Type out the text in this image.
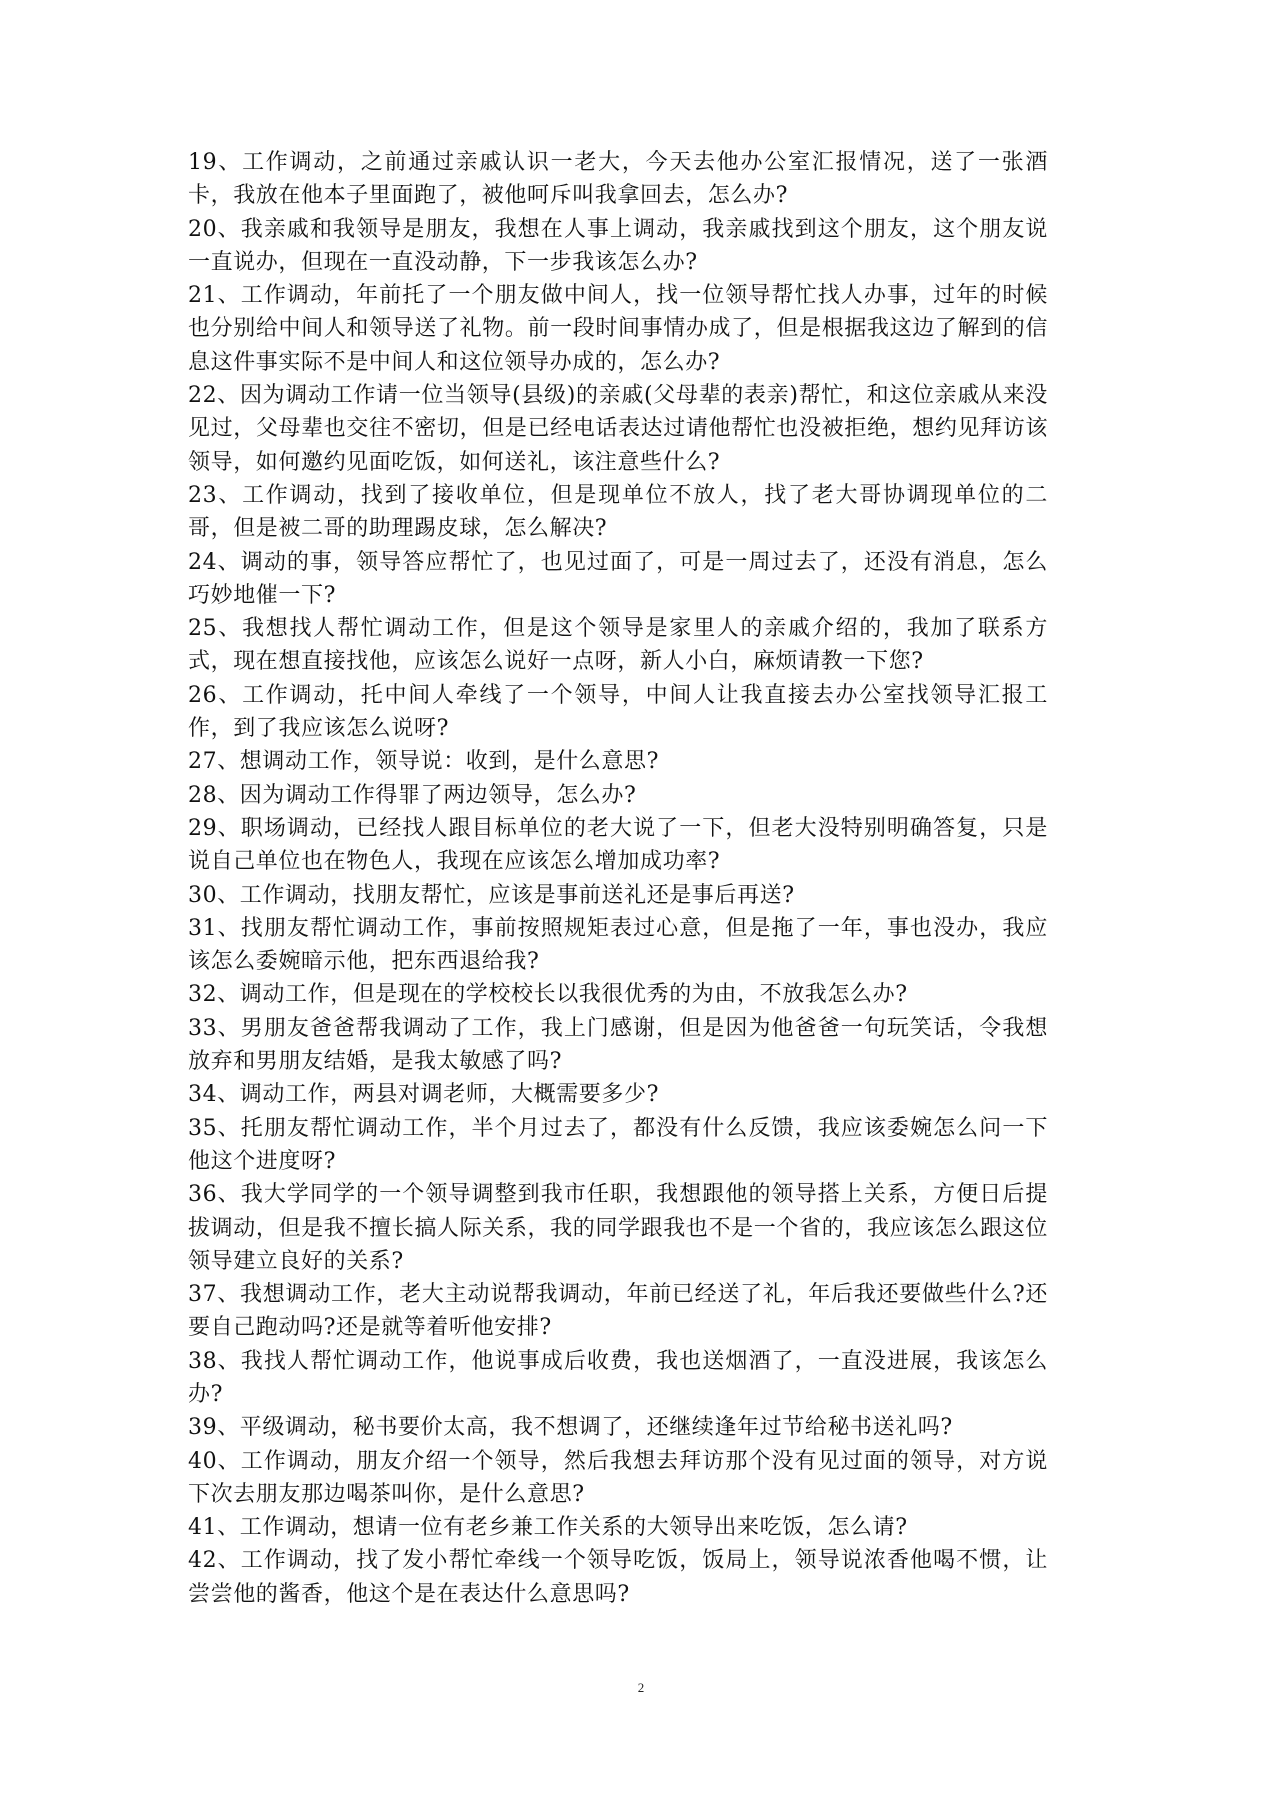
19、工作调动，之前通过亲戚认识一老大，今天去他办公室汇报情况，送了一张酒卡，我放在他本子里面跑了，被他呵斥叫我拿回去，怎么办?

20、我亲戚和我领导是朋友，我想在人事上调动，我亲戚找到这个朋友，这个朋友说一直说办，但现在一直没动静，下一步我该怎么办?

21、工作调动，年前托了一个朋友做中间人，找一位领导帮忙找人办事，过年的时候也分别给中间人和领导送了礼物。前一段时间事情办成了，但是根据我这边了解到的信息这件事实际不是中间人和这位领导办成的，怎么办?

22、因为调动工作请一位当领导(县级)的亲戚(父母辈的表亲)帮忙，和这位亲戚从来没见过，父母辈也交往不密切，但是已经电话表达过请他帮忙也没被拒绝，想约见拜访该领导，如何邀约见面吃饭，如何送礼，该注意些什么?

23、工作调动，找到了接收单位，但是现单位不放人，找了老大哥协调现单位的二哥，但是被二哥的助理踢皮球，怎么解决?

24、调动的事，领导答应帮忙了，也见过面了，可是一周过去了，还没有消息，怎么巧妙地催一下?

25、我想找人帮忙调动工作，但是这个领导是家里人的亲戚介绍的，我加了联系方式，现在想直接找他，应该怎么说好一点呀，新人小白，麻烦请教一下您?

26、工作调动，托中间人牵线了一个领导，中间人让我直接去办公室找领导汇报工作，到了我应该怎么说呀?

27、想调动工作，领导说：收到，是什么意思?

28、因为调动工作得罪了两边领导，怎么办?

29、职场调动，已经找人跟目标单位的老大说了一下，但老大没特别明确答复，只是说自己单位也在物色人，我现在应该怎么增加成功率?

30、工作调动，找朋友帮忙，应该是事前送礼还是事后再送?

31、找朋友帮忙调动工作，事前按照规矩表过心意，但是拖了一年，事也没办，我应该怎么委婉暗示他，把东西退给我?

32、调动工作，但是现在的学校校长以我很优秀的为由，不放我怎么办?

33、男朋友爸爸帮我调动了工作，我上门感谢，但是因为他爸爸一句玩笑话，令我想放弃和男朋友结婚，是我太敏感了吗?

34、调动工作，两县对调老师，大概需要多少?

35、托朋友帮忙调动工作，半个月过去了，都没有什么反馈，我应该委婉怎么问一下他这个进度呀?

36、我大学同学的一个领导调整到我市任职，我想跟他的领导搭上关系，方便日后提拔调动，但是我不擅长搞人际关系，我的同学跟我也不是一个省的，我应该怎么跟这位领导建立良好的关系?

37、我想调动工作，老大主动说帮我调动，年前已经送了礼，年后我还要做些什么?还要自己跑动吗?还是就等着听他安排?

38、我找人帮忙调动工作，他说事成后收费，我也送烟酒了，一直没进展，我该怎么办?

39、平级调动，秘书要价太高，我不想调了，还继续逢年过节给秘书送礼吗?

40、工作调动，朋友介绍一个领导，然后我想去拜访那个没有见过面的领导，对方说下次去朋友那边喝茶叫你，是什么意思?

41、工作调动，想请一位有老乡兼工作关系的大领导出来吃饭，怎么请?

42、工作调动，找了发小帮忙牵线一个领导吃饭，饭局上，领导说浓香他喝不惯，让尝尝他的酱香，他这个是在表达什么意思吗?

2
